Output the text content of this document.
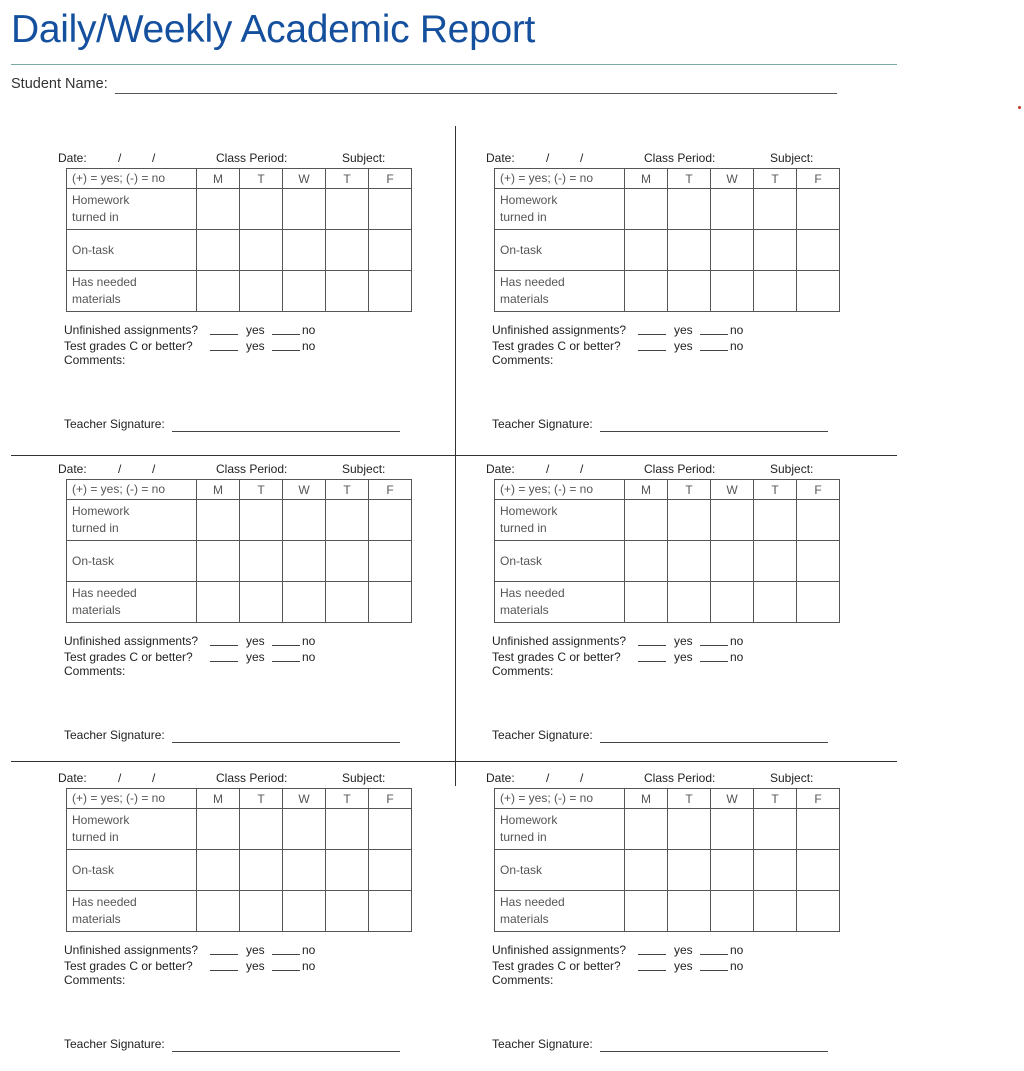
Daily/Weekly Academic Report
Student Name:
Date:	/	/	Class Period:	Subject:
(+) = yes; (-) = no	M	T	W	T	F

Homework
turned in					

On-task					

Has needed
materials					

Unfinished assignments?	yes	no
Test grades C or better?	yes	no
Comments:
Teacher Signature:
Date:	/	/	Class Period:	Subject:
(+) = yes; (-) = no	M	T	W	T	F

Homework
turned in					

On-task					

Has needed
materials					

Unfinished assignments?	yes	no
Test grades C or better?	yes	no
Comments:
Teacher Signature:
Date:	/	/	Class Period:	Subject:
(+) = yes; (-) = no	M	T	W	T	F

Homework
turned in					

On-task					

Has needed
materials					

Unfinished assignments?	yes	no
Test grades C or better?	yes	no
Comments:
Teacher Signature:
Date:	/	/	Class Period:	Subject:
(+) = yes; (-) = no	M	T	W	T	F

Homework
turned in					

On-task					

Has needed
materials					

Unfinished assignments?	yes	no
Test grades C or better?	yes	no
Comments:
Teacher Signature:
Date:	/	/	Class Period:	Subject:
(+) = yes; (-) = no	M	T	W	T	F

Homework
turned in					

On-task					

Has needed
materials					

Unfinished assignments?	yes	no
Test grades C or better?	yes	no
Comments:
Teacher Signature:
Date:	/	/	Class Period:	Subject:
(+) = yes; (-) = no	M	T	W	T	F

Homework
turned in					

On-task					

Has needed
materials					

Unfinished assignments?	yes	no
Test grades C or better?	yes	no
Comments:
Teacher Signature:
